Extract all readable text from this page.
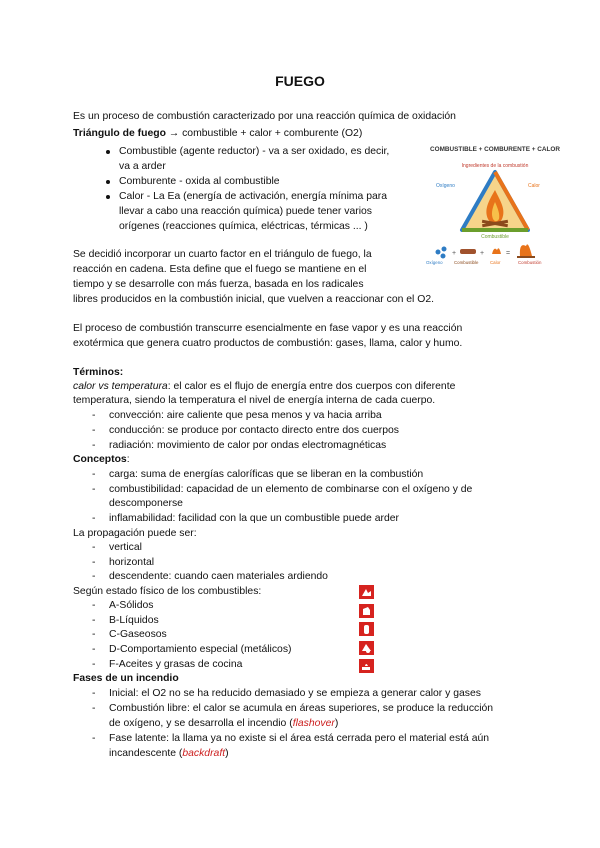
FUEGO
Es un proceso de combustión caracterizado por una reacción química de oxidación
Triángulo de fuego → combustible + calor + comburente (O2)
Combustible (agente reductor) - va a ser oxidado, es decir,
va a arder
Comburente - oxida al combustible
Calor - La Ea (energía de activación, energía mínima para
llevar a cabo una reacción química) puede tener varios
orígenes (reacciones química, eléctricas, térmicas ... )
COMBUSTIBLE + COMBURENTE + CALOR
Ingredientes de la combustión
+	+	=
Oxígeno	Calor
Combustible
Oxígeno	Combustible	Calor	Combustión
Se decidió incorporar un cuarto factor en el triángulo de fuego, la
reacción en cadena. Esta define que el fuego se mantiene en el
tiempo y se desarrolle con más fuerza, basada en los radicales
libres producidos en la combustión inicial, que vuelven a reaccionar con el O2.
El proceso de combustión transcurre esencialmente en fase vapor y es una reacción
exotérmica que genera cuatro productos de combustión: gases, llama, calor y humo.
Términos:
calor vs temperatura: el calor es el flujo de energía entre dos cuerpos con diferente
temperatura, siendo la temperatura el nivel de energía interna de cada cuerpo.
- convección: aire caliente que pesa menos y va hacia arriba
- conducción: se produce por contacto directo entre dos cuerpos
- radiación: movimiento de calor por ondas electromagnéticas
Conceptos:
- carga: suma de energías caloríficas que se liberan en la combustión
- combustibilidad: capacidad de un elemento de combinarse con el oxígeno y de
descomponerse
- inflamabilidad: facilidad con la que un combustible puede arder
La propagación puede ser:
- vertical
- horizontal
- descendente: cuando caen materiales ardiendo
Según estado físico de los combustibles:
- A-Sólidos
- B-Líquidos
- C-Gaseosos
- D-Comportamiento especial (metálicos)
- F-Aceites y grasas de cocina
Fases de un incendio
- Inicial: el O2 no se ha reducido demasiado y se empieza a generar calor y gases
- Combustión libre: el calor se acumula en áreas superiores, se produce la reducción
de oxígeno, y se desarrolla el incendio (flashover)
- Fase latente: la llama ya no existe si el área está cerrada pero el material está aún
incandescente (backdraft)
